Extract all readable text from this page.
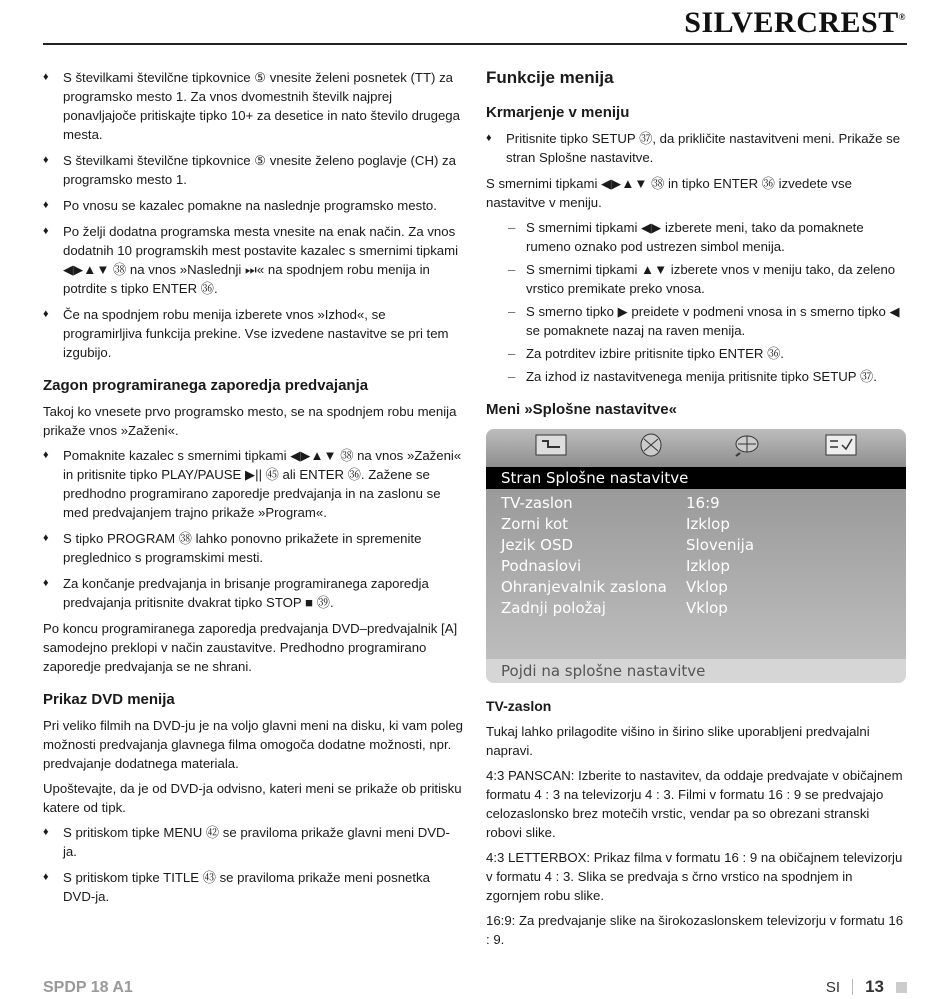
SILVERCREST®
♦ S številkami številčne tipkovnice ⑤ vnesite želeni posnetek (TT) za programsko mesto 1. Za vnos dvomestnih številk najprej ponavljajoče pritiskajte tipko 10+ za desetice in nato število drugega mesta.
♦ S številkami številčne tipkovnice ⑤ vnesite želeno poglavje (CH) za programsko mesto 1.
♦ Po vnosu se kazalec pomakne na naslednje programsko mesto.
♦ Po želji dodatna programska mesta vnesite na enak način. Za vnos dodatnih 10 programskih mest postavite kazalec s smernimi tipkami ◀▶▲▼ ㊳ na vnos »Naslednji ⏭« na spodnjem robu menija in potrdite s tipko ENTER ㊱.
♦ Če na spodnjem robu menija izberete vnos »Izhod«, se programirljiva funkcija prekine. Vse izvedene nastavitve se pri tem izgubijo.
Zagon programiranega zaporedja predvajanja
Takoj ko vnesete prvo programsko mesto, se na spodnjem robu menija prikaže vnos »Zaženi«.
♦ Pomaknite kazalec s smernimi tipkami ◀▶▲▼ ㊳ na vnos »Zaženi« in pritisnite tipko PLAY/PAUSE ▶|| ㊺ ali ENTER ㊱. Zažene se predhodno programirano zaporedje predvajanja in na zaslonu se med predvajanjem trajno prikaže »Program«.
♦ S tipko PROGRAM ㊳ lahko ponovno prikažete in spremenite preglednico s programskimi mesti.
♦ Za končanje predvajanja in brisanje programiranega zaporedja predvajanja pritisnite dvakrat tipko STOP ■ ㊴.
Po koncu programiranega zaporedja predvajanja DVD–predvajalnik [A] samodejno preklopi v način zaustavitve. Predhodno programirano zaporedje predvajanja se ne shrani.
Prikaz DVD menija
Pri veliko filmih na DVD-ju je na voljo glavni meni na disku, ki vam poleg možnosti predvajanja glavnega filma omogoča dodatne možnosti, npr. predvajanje dodatnega materiala.
Upoštevajte, da je od DVD-ja odvisno, kateri meni se prikaže ob pritisku katere od tipk.
♦ S pritiskom tipke MENU ㊷ se praviloma prikaže glavni meni DVD-ja.
♦ S pritiskom tipke TITLE ㊸ se praviloma prikaže meni posnetka DVD-ja.
Funkcije menija
Krmarjenje v meniju
♦ Pritisnite tipko SETUP ㊲, da prikličite nastavitveni meni. Prikaže se stran Splošne nastavitve.
S smernimi tipkami ◀▶▲▼ ㊳ in tipko ENTER ㊱ izvedete vse nastavitve v meniju.
– S smernimi tipkami ◀▶ izberete meni, tako da pomaknete rumeno oznako pod ustrezen simbol menija.
– S smernimi tipkami ▲▼ izberete vnos v meniju tako, da zeleno vrstico premikate preko vnosa.
– S smerno tipko ▶ preidete v podmeni vnosa in s smerno tipko ◀ se pomaknete nazaj na raven menija.
– Za potrditev izbire pritisnite tipko ENTER ㊱.
– Za izhod iz nastavitvenega menija pritisnite tipko SETUP ㊲.
Meni »Splošne nastavitve«
Stran Splošne nastavitve
TV-zaslon	16:9
Zorni kot	Izklop
Jezik OSD	Slovenija
Podnaslovi	Izklop
Ohranjevalnik zaslona Vklop
Zadnji položaj	Vklop
Pojdi na splošne nastavitve
TV-zaslon
Tukaj lahko prilagodite višino in širino slike uporabljeni predvajalni napravi.
4:3 PANSCAN: Izberite to nastavitev, da oddaje predvajate v običajnem formatu 4 : 3 na televizorju 4 : 3. Filmi v formatu 16 : 9 se predvajajo celozaslonsko brez motečih vrstic, vendar pa so obrezani stranski robovi slike.
4:3 LETTERBOX: Prikaz filma v formatu 16 : 9 na običajnem televizorju v formatu 4 : 3. Slika se predvaja s črno vrstico na spodnjem in zgornjem robu slike.
16:9: Za predvajanje slike na širokozaslonskem televizorju v formatu 16 : 9.
SPDP 18 A1	SI 13
